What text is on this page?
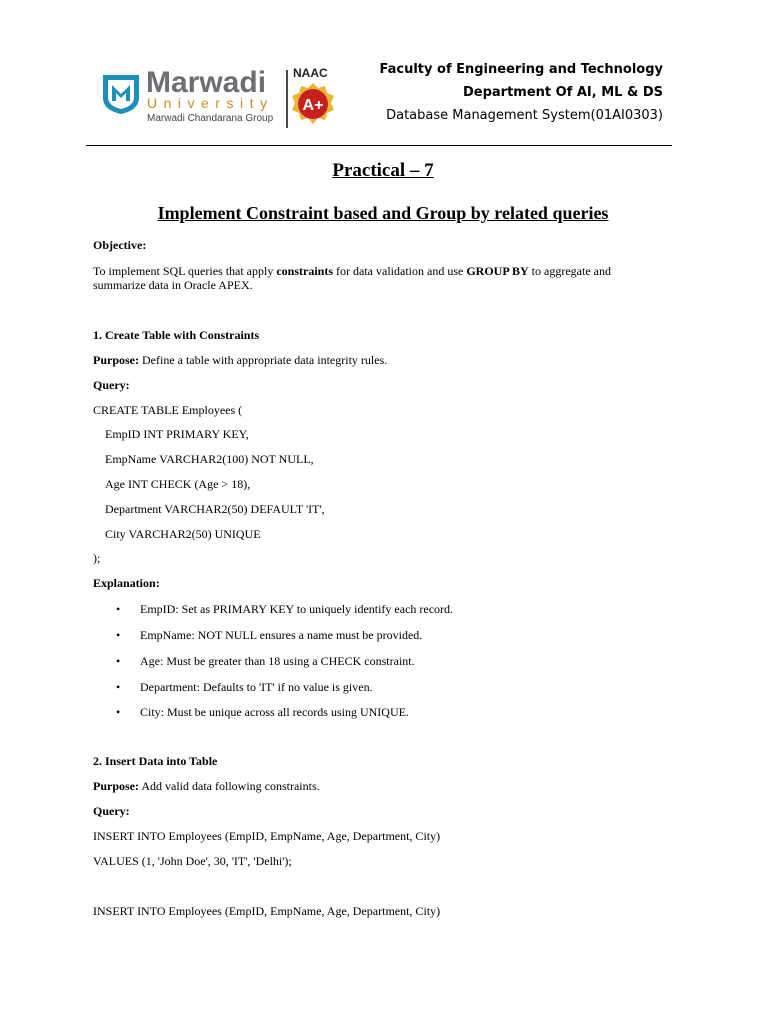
Marwadi
University
Marwadi Chandarana Group
NAAC
A+
Faculty of Engineering and Technology
Department Of AI, ML & DS
Database Management System(01AI0303)
Practical – 7
Implement Constraint based and Group by related queries
Objective:
To implement SQL queries that apply constraints for data validation and use GROUP BY to aggregate and
summarize data in Oracle APEX.
1. Create Table with Constraints
Purpose: Define a table with appropriate data integrity rules.
Query:
CREATE TABLE Employees (
EmpID INT PRIMARY KEY,
EmpName VARCHAR2(100) NOT NULL,
Age INT CHECK (Age > 18),
Department VARCHAR2(50) DEFAULT 'IT',
City VARCHAR2(50) UNIQUE
);
Explanation:
• EmpID: Set as PRIMARY KEY to uniquely identify each record.
• EmpName: NOT NULL ensures a name must be provided.
• Age: Must be greater than 18 using a CHECK constraint.
• Department: Defaults to 'IT' if no value is given.
• City: Must be unique across all records using UNIQUE.
2. Insert Data into Table
Purpose: Add valid data following constraints.
Query:
INSERT INTO Employees (EmpID, EmpName, Age, Department, City)
VALUES (1, 'John Doe', 30, 'IT', 'Delhi');
INSERT INTO Employees (EmpID, EmpName, Age, Department, City)
